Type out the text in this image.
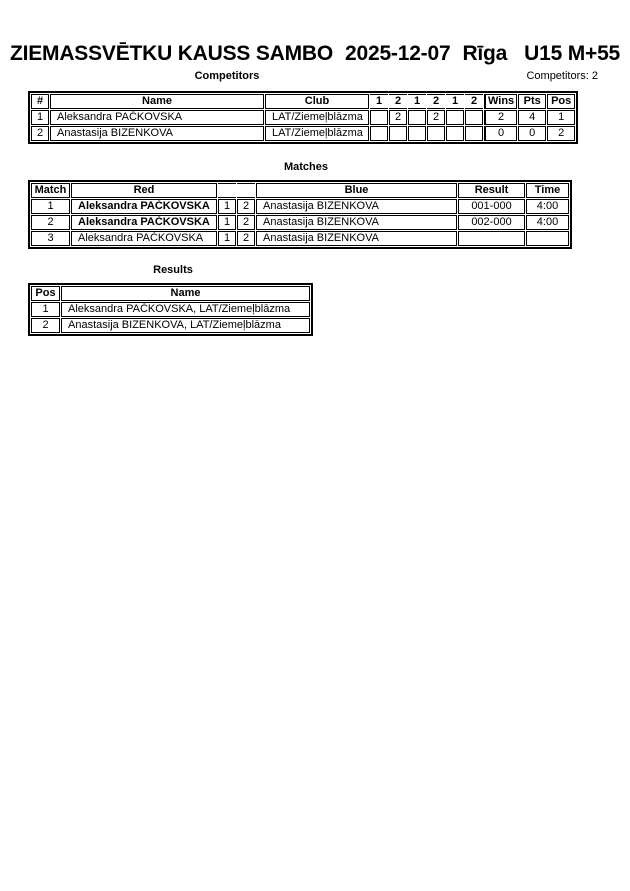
ZIEMASSVĒTKU KAUSS SAMBO 2025-12-07 Rīga U15 M+55
Competitors	Competitors: 2
#	Name	Club	1	2	1	2	1	2	Wins	Pts	Pos
1	Aleksandra PAČKOVSKA	LAT/Ziemeļblāzma		2		2			2	4	1
2	Anastasija BIZENKOVA	LAT/Ziemeļblāzma							0	0	2
Matches
Match	Red			Blue	Result	Time
1	Aleksandra PAČKOVSKA	1	2	Anastasija BIZENKOVA	001-000	4:00
2	Aleksandra PAČKOVSKA	1	2	Anastasija BIZENKOVA	002-000	4:00
3	Aleksandra PAČKOVSKA	1	2	Anastasija BIZENKOVA		
Results
Pos	Name
1	Aleksandra PAČKOVSKA, LAT/Ziemeļblāzma
2	Anastasija BIZENKOVA, LAT/Ziemeļblāzma
